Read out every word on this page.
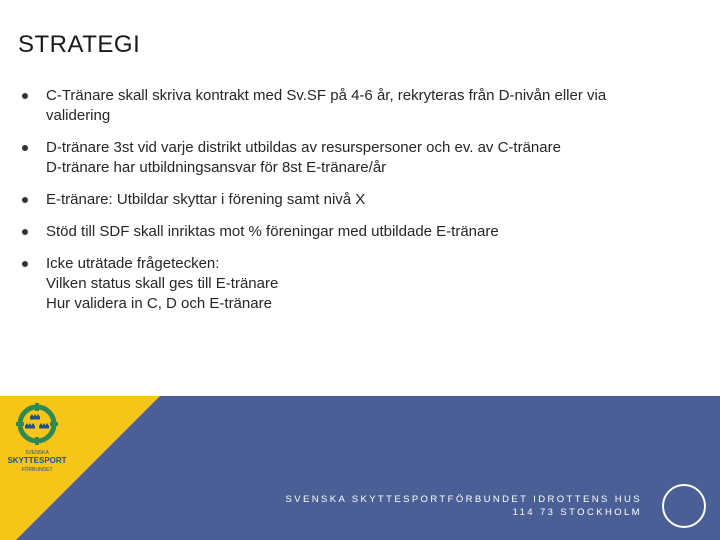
STRATEGI
C-Tränare skall skriva kontrakt med Sv.SF på 4-6 år, rekryteras från D-nivån eller via
validering
D-tränare 3st vid varje distrikt utbildas av resurspersoner och ev. av C-tränare
D-tränare har utbildningsansvar för 8st E-tränare/år
E-tränare: Utbildar skyttar i förening samt nivå X
Stöd till SDF skall inriktas mot % föreningar med utbildade E-tränare
Icke uträtade frågetecken:
Vilken status skall ges till E-tränare
Hur validera in C, D och E-tränare
SVENSKA
SKYTTESPORT
FÖRBUNDET
SVENSKA SKYTTESPORTFÖRBUNDET IDROTTENS HUS
114 73 STOCKHOLM
